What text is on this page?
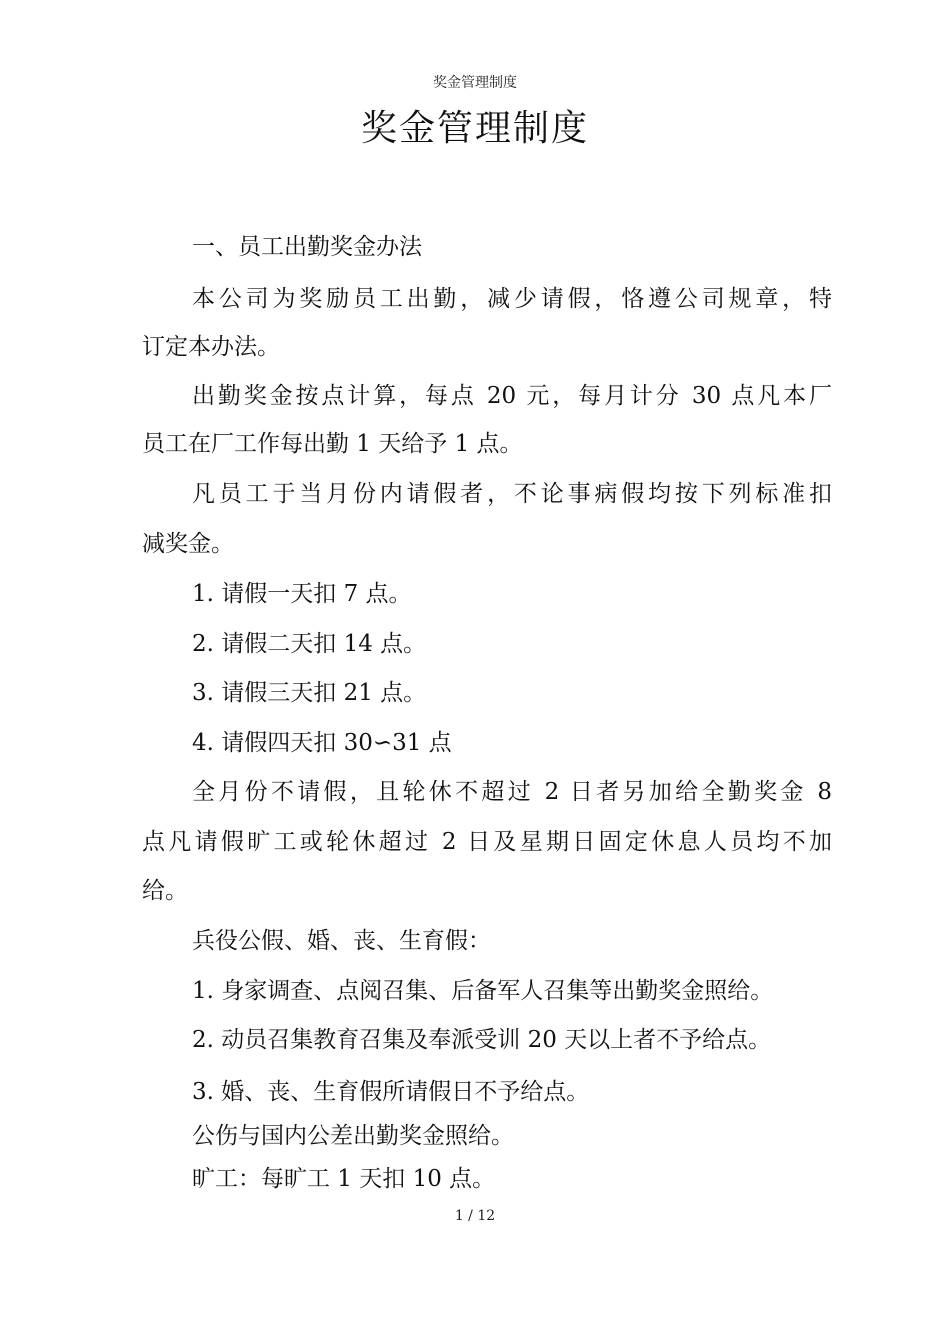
奖金管理制度
奖金管理制度
一、员工出勤奖金办法
本公司为奖励员工出勤，减少请假，恪遵公司规章，特
订定本办法。
出勤奖金按点计算，每点 20 元，每月计分 30 点凡本厂
员工在厂工作每出勤 1 天给予 1 点。
凡员工于当月份内请假者，不论事病假均按下列标准扣
减奖金。
1. 请假一天扣 7 点。
2. 请假二天扣 14 点。
3. 请假三天扣 21 点。
4. 请假四天扣 30∽31 点
全月份不请假，且轮休不超过 2 日者另加给全勤奖金 8
点凡请假旷工或轮休超过 2 日及星期日固定休息人员均不加
给。
兵役公假、婚、丧、生育假：
1. 身家调查、点阅召集、后备军人召集等出勤奖金照给。
2. 动员召集教育召集及奉派受训 20 天以上者不予给点。
3. 婚、丧、生育假所请假日不予给点。
公伤与国内公差出勤奖金照给。
旷工：每旷工 1 天扣 10 点。
1 / 12
